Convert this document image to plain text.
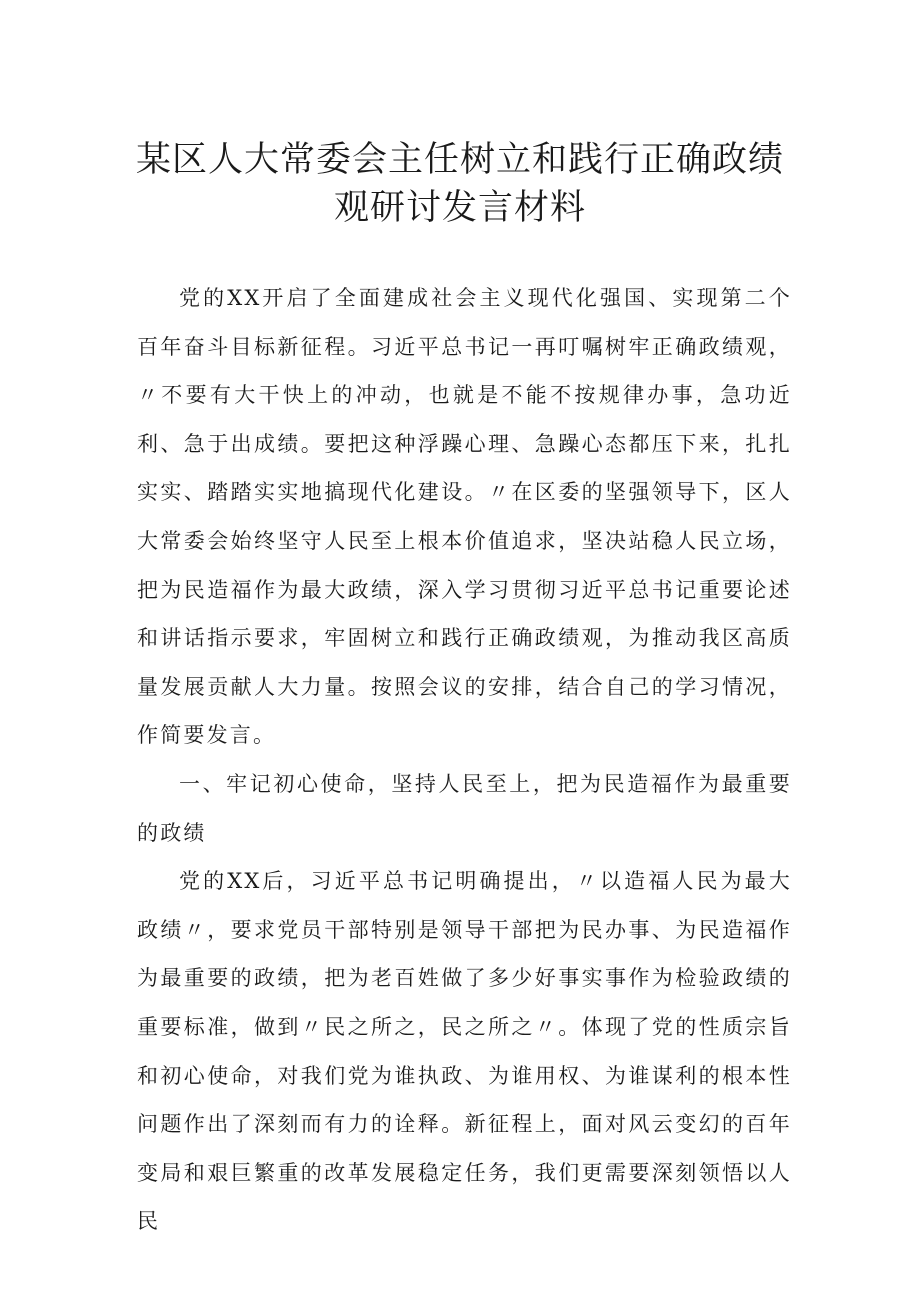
某区人大常委会主任树立和践行正确政绩
观研讨发言材料

党的XX开启了全面建成社会主义现代化强国、实现第二个百年奋斗目标新征程。习近平总书记一再叮嘱树牢正确政绩观，〃不要有大干快上的冲动，也就是不能不按规律办事，急功近利、急于出成绩。要把这种浮躁心理、急躁心态都压下来，扎扎实实、踏踏实实地搞现代化建设。〃在区委的坚强领导下，区人大常委会始终坚守人民至上根本价值追求，坚决站稳人民立场，把为民造福作为最大政绩，深入学习贯彻习近平总书记重要论述和讲话指示要求，牢固树立和践行正确政绩观，为推动我区高质量发展贡献人大力量。按照会议的安排，结合自己的学习情况，作简要发言。

一、牢记初心使命，坚持人民至上，把为民造福作为最重要的政绩

党的XX后，习近平总书记明确提出，〃以造福人民为最大政绩〃，要求党员干部特别是领导干部把为民办事、为民造福作为最重要的政绩，把为老百姓做了多少好事实事作为检验政绩的重要标准，做到〃民之所之，民之所之〃。体现了党的性质宗旨和初心使命，对我们党为谁执政、为谁用权、为谁谋利的根本性问题作出了深刻而有力的诠释。新征程上，面对风云变幻的百年变局和艰巨繁重的改革发展稳定任务，我们更需要深刻领悟以人民
